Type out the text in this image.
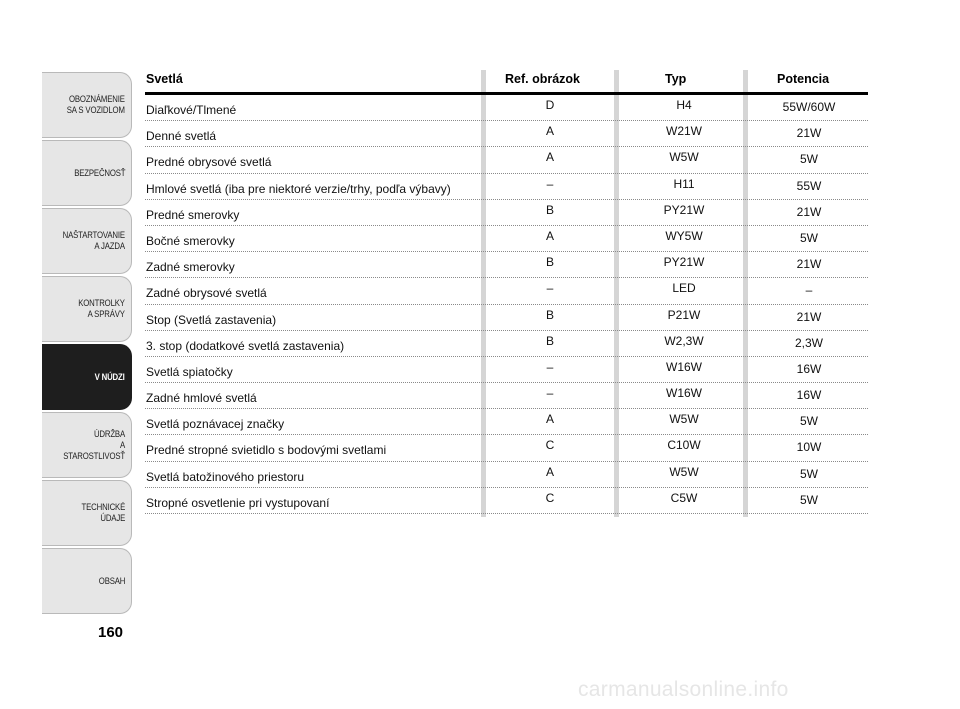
OBOZNÁMENIE
SA S VOZIDLOM
BEZPEČNOSŤ
NAŠTARTOVANIE
A JAZDA
KONTROLKY
A SPRÁVY
V NÚDZI
ÚDRŽBA
A STAROSTLIVOSŤ
TECHNICKÉ
ÚDAJE
OBSAH
160
Svetlá	Ref. obrázok	Typ	Potencia
Diaľkové/Tlmené	D	H4	55W/60W
Denné svetlá	A	W21W	21W
Predné obrysové svetlá	A	W5W	5W
Hmlové svetlá (iba pre niektoré verzie/trhy, podľa výbavy)	–	H11	55W
Predné smerovky	B	PY21W	21W
Bočné smerovky	A	WY5W	5W
Zadné smerovky	B	PY21W	21W
Zadné obrysové svetlá	–	LED	–
Stop (Svetlá zastavenia)	B	P21W	21W
3. stop (dodatkové svetlá zastavenia)	B	W2,3W	2,3W
Svetlá spiatočky	–	W16W	16W
Zadné hmlové svetlá	–	W16W	16W
Svetlá poznávacej značky	A	W5W	5W
Predné stropné svietidlo s bodovými svetlami	C	C10W	10W
Svetlá batožinového priestoru	A	W5W	5W
Stropné osvetlenie pri vystupovaní	C	C5W	5W
carmanualsonline.info
